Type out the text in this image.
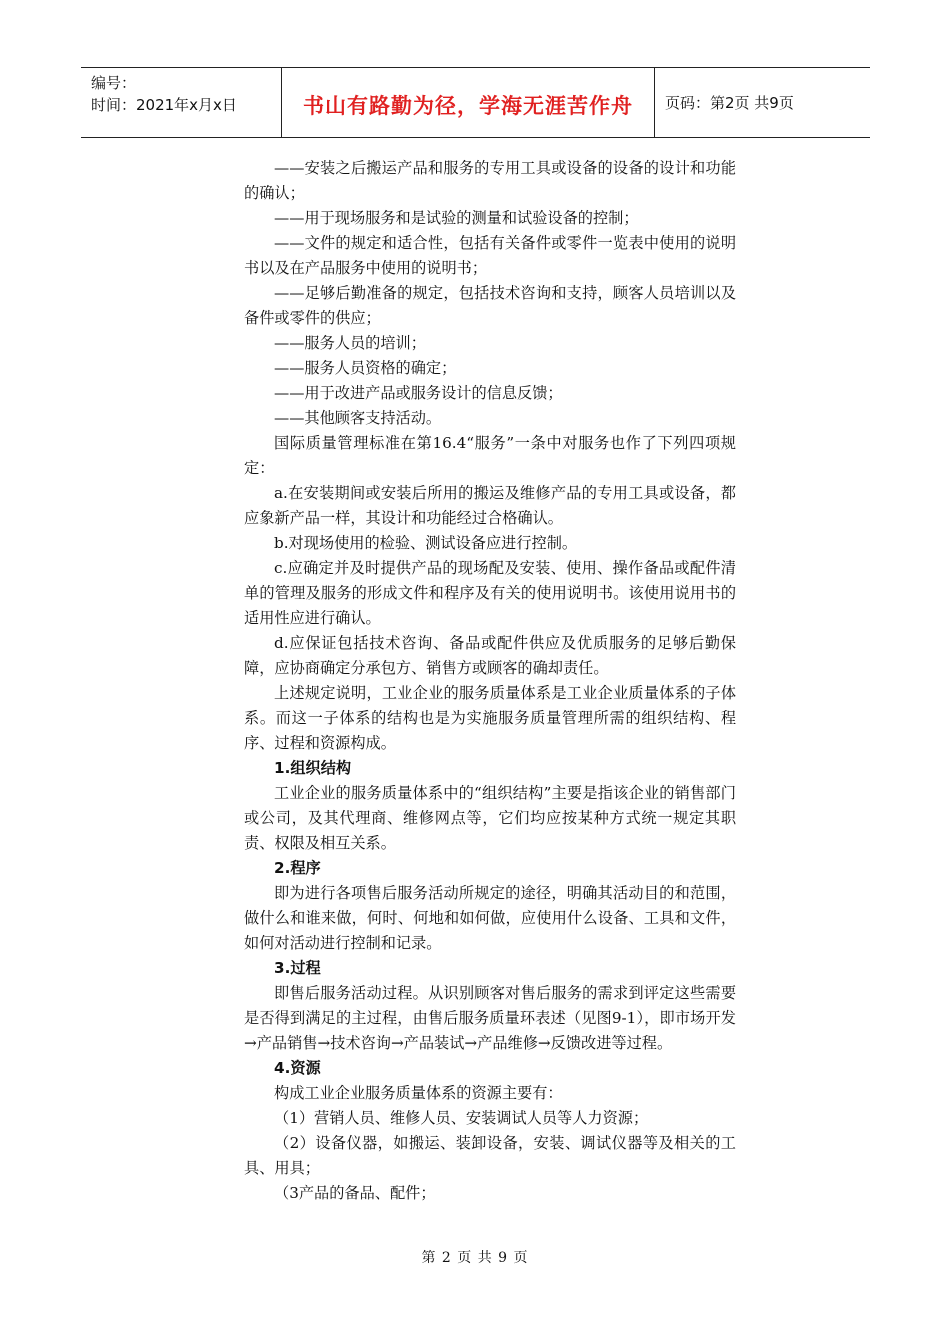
编号：
时间：2021年x月x日	书山有路勤为径，学海无涯苦作舟 页码：第2页 共9页

——安装之后搬运产品和服务的专用工具或设备的设备的设计和功能的确认；

——用于现场服务和是试验的测量和试验设备的控制；

——文件的规定和适合性，包括有关备件或零件一览表中使用的说明书以及在产品服务中使用的说明书；

——足够后勤准备的规定，包括技术咨询和支持，顾客人员培训以及备件或零件的供应；

——服务人员的培训；

——服务人员资格的确定；

——用于改进产品或服务设计的信息反馈；

——其他顾客支持活动。

国际质量管理标准在第16.4“服务”一条中对服务也作了下列四项规定：

a.在安装期间或安装后所用的搬运及维修产品的专用工具或设备，都应象新产品一样，其设计和功能经过合格确认。

b.对现场使用的检验、测试设备应进行控制。

c.应确定并及时提供产品的现场配及安装、使用、操作备品或配件清单的管理及服务的形成文件和程序及有关的使用说明书。该使用说用书的适用性应进行确认。

d.应保证包括技术咨询、备品或配件供应及优质服务的足够后勤保障，应协商确定分承包方、销售方或顾客的确却责任。

上述规定说明，工业企业的服务质量体系是工业企业质量体系的子体系。而这一子体系的结构也是为实施服务质量管理所需的组织结构、程序、过程和资源构成。

1.组织结构

工业企业的服务质量体系中的“组织结构”主要是指该企业的销售部门或公司，及其代理商、维修网点等，它们均应按某种方式统一规定其职责、权限及相互关系。

2.程序

即为进行各项售后服务活动所规定的途径，明确其活动目的和范围，做什么和谁来做，何时、何地和如何做，应使用什么设备、工具和文件，如何对活动进行控制和记录。

3.过程

即售后服务活动过程。从识别顾客对售后服务的需求到评定这些需要是否得到满足的主过程，由售后服务质量环表述（见图9-1），即市场开发→产品销售→技术咨询→产品装试→产品维修→反馈改进等过程。

4.资源

构成工业企业服务质量体系的资源主要有：

（1）营销人员、维修人员、安装调试人员等人力资源；

（2）设备仪器，如搬运、装卸设备，安装、调试仪器等及相关的工具、用具；

（3产品的备品、配件；

第 2 页 共 9 页
